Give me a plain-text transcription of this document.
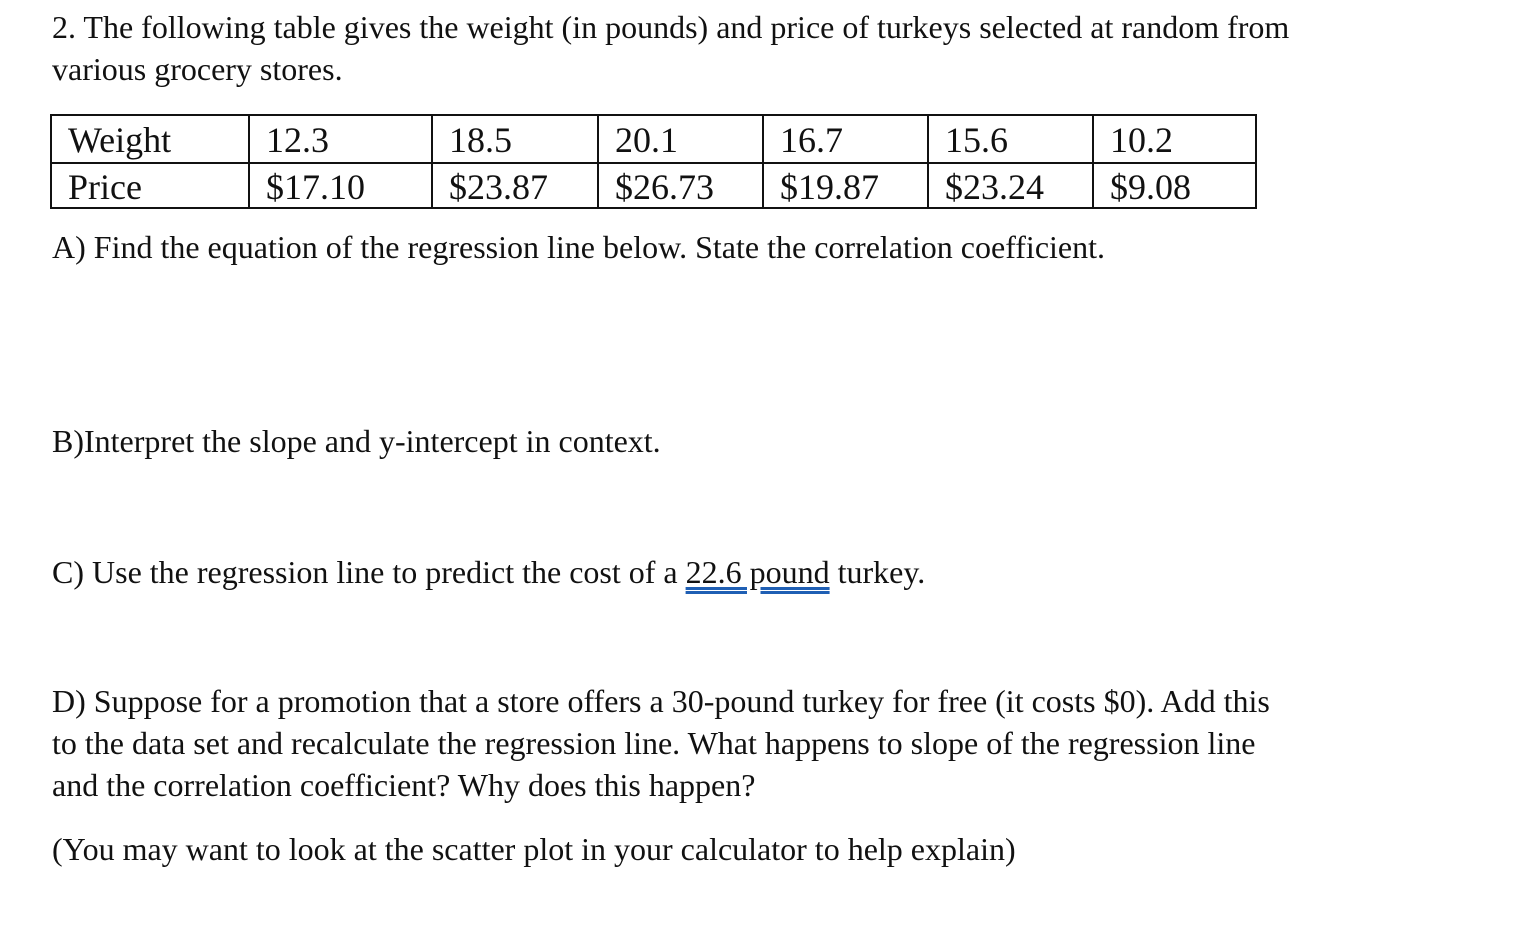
2. The following table gives the weight (in pounds) and price of turkeys selected at random from
various grocery stores.
Weight	12.3	18.5	20.1	16.7	15.6	10.2
Price	$17.10	$23.87	$26.73	$19.87	$23.24	$9.08
A) Find the equation of the regression line below. State the correlation coefficient.
B)Interpret the slope and y-intercept in context.
C) Use the regression line to predict the cost of a 22.6 pound turkey.
D) Suppose for a promotion that a store offers a 30-pound turkey for free (it costs $0). Add this
to the data set and recalculate the regression line. What happens to slope of the regression line
and the correlation coefficient? Why does this happen?
(You may want to look at the scatter plot in your calculator to help explain)
